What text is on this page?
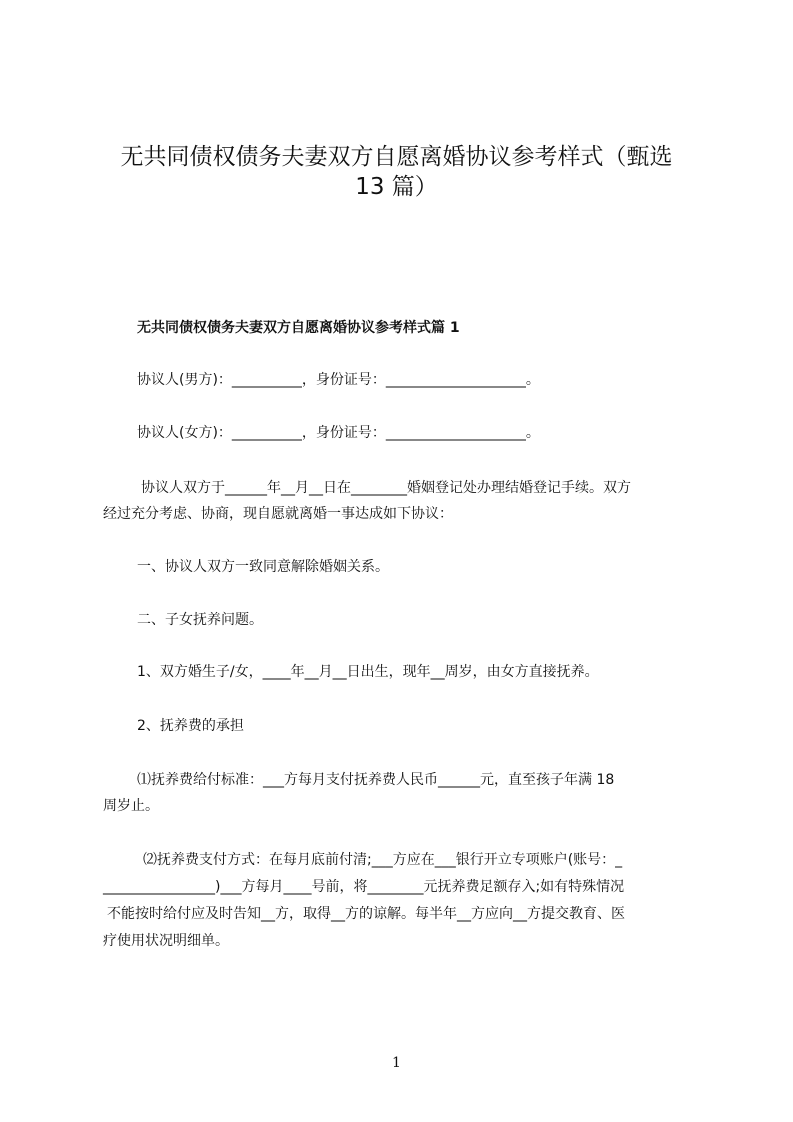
无共同债权债务夫妻双方自愿离婚协议参考样式（甄选
13 篇）
无共同债权债务夫妻双方自愿离婚协议参考样式篇 1

协议人(男方)：__________，身份证号：____________________。

协议人(女方)：__________，身份证号：____________________。

协议人双方于______年__月__日在________婚姻登记处办理结婚登记手续。双方

经过充分考虑、协商，现自愿就离婚一事达成如下协议：

一、协议人双方一致同意解除婚姻关系。

二、子女抚养问题。

1、双方婚生子/女，____年__月__日出生，现年__周岁，由女方直接抚养。

2、抚养费的承担

⑴抚养费给付标准：___方每月支付抚养费人民币______元，直至孩子年满 18

周岁止。

⑵抚养费支付方式：在每月底前付清;___方应在___银行开立专项账户(账号：_

________________)___方每月____号前，将________元抚养费足额存入;如有特殊情况

不能按时给付应及时告知__方，取得__方的谅解。每半年__方应向__方提交教育、医

疗使用状况明细单。

1
